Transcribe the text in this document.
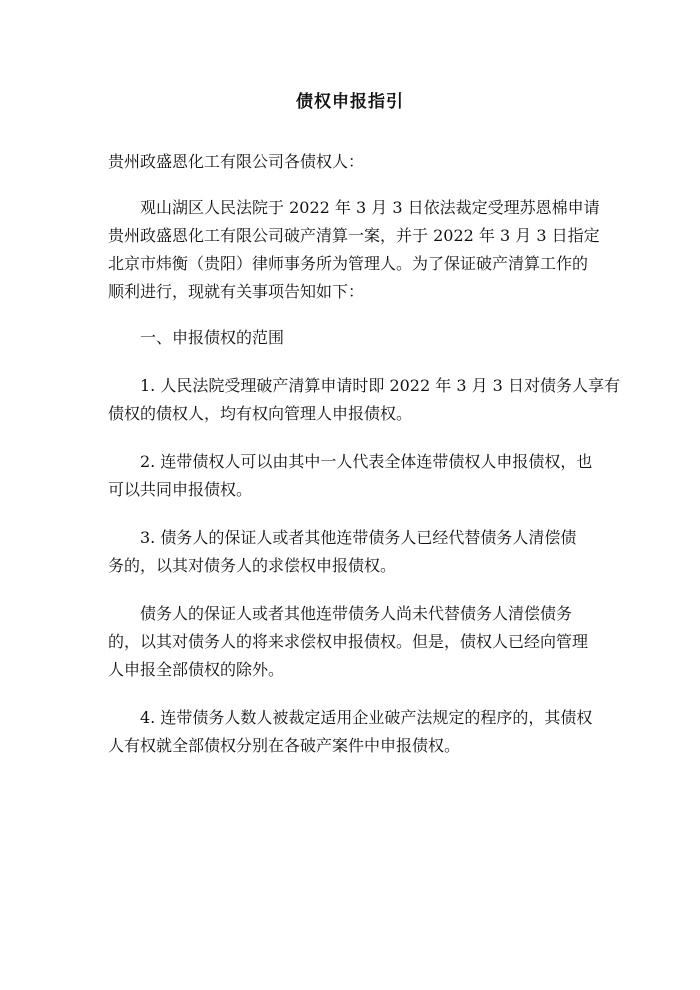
债权申报指引

贵州政盛恩化工有限公司各债权人：

观山湖区人民法院于 2022 年 3 月 3 日依法裁定受理苏恩棉申请
贵州政盛恩化工有限公司破产清算一案，并于 2022 年 3 月 3 日指定
北京市炜衡（贵阳）律师事务所为管理人。为了保证破产清算工作的
顺利进行，现就有关事项告知如下：

一、申报债权的范围

1. 人民法院受理破产清算申请时即 2022 年 3 月 3 日对债务人享有
债权的债权人，均有权向管理人申报债权。

2. 连带债权人可以由其中一人代表全体连带债权人申报债权，也
可以共同申报债权。

3. 债务人的保证人或者其他连带债务人已经代替债务人清偿债
务的，以其对债务人的求偿权申报债权。

债务人的保证人或者其他连带债务人尚未代替债务人清偿债务
的，以其对债务人的将来求偿权申报债权。但是，债权人已经向管理
人申报全部债权的除外。

4. 连带债务人数人被裁定适用企业破产法规定的程序的，其债权
人有权就全部债权分别在各破产案件中申报债权。
